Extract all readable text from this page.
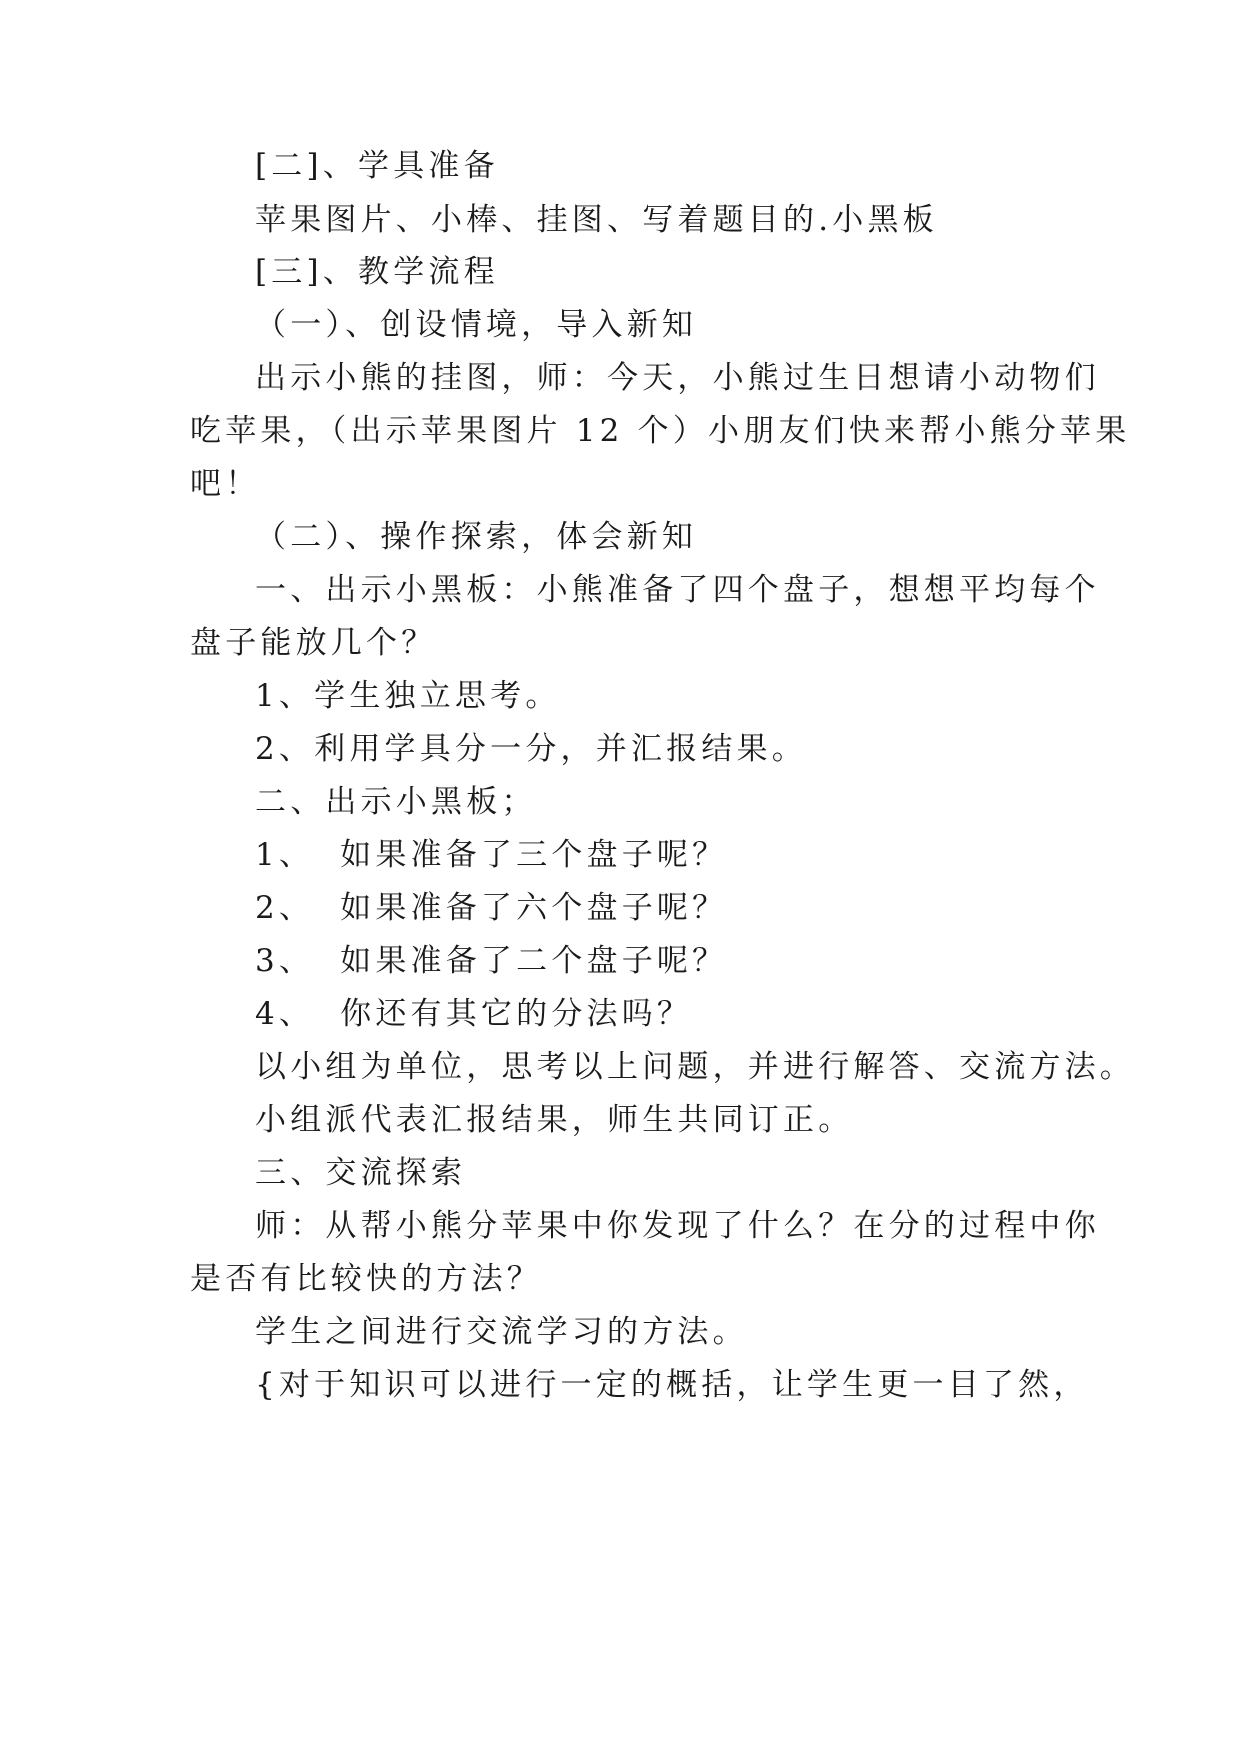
[二]、学具准备

苹果图片、小棒、挂图、写着题目的.小黑板

[三]、教学流程

（一）、创设情境，导入新知

出示小熊的挂图，师：今天，小熊过生日想请小动物们

吃苹果，（出示苹果图片 12 个）小朋友们快来帮小熊分苹果

吧！

（二）、操作探索，体会新知

一、出示小黑板：小熊准备了四个盘子，想想平均每个

盘子能放几个？

1、学生独立思考。

2、利用学具分一分，并汇报结果。

二、出示小黑板；

1、 如果准备了三个盘子呢？

2、 如果准备了六个盘子呢？

3、 如果准备了二个盘子呢？

4、 你还有其它的分法吗？

以小组为单位，思考以上问题，并进行解答、交流方法。

小组派代表汇报结果，师生共同订正。

三、交流探索

师：从帮小熊分苹果中你发现了什么？在分的过程中你

是否有比较快的方法？

学生之间进行交流学习的方法。

{对于知识可以进行一定的概括，让学生更一目了然，
